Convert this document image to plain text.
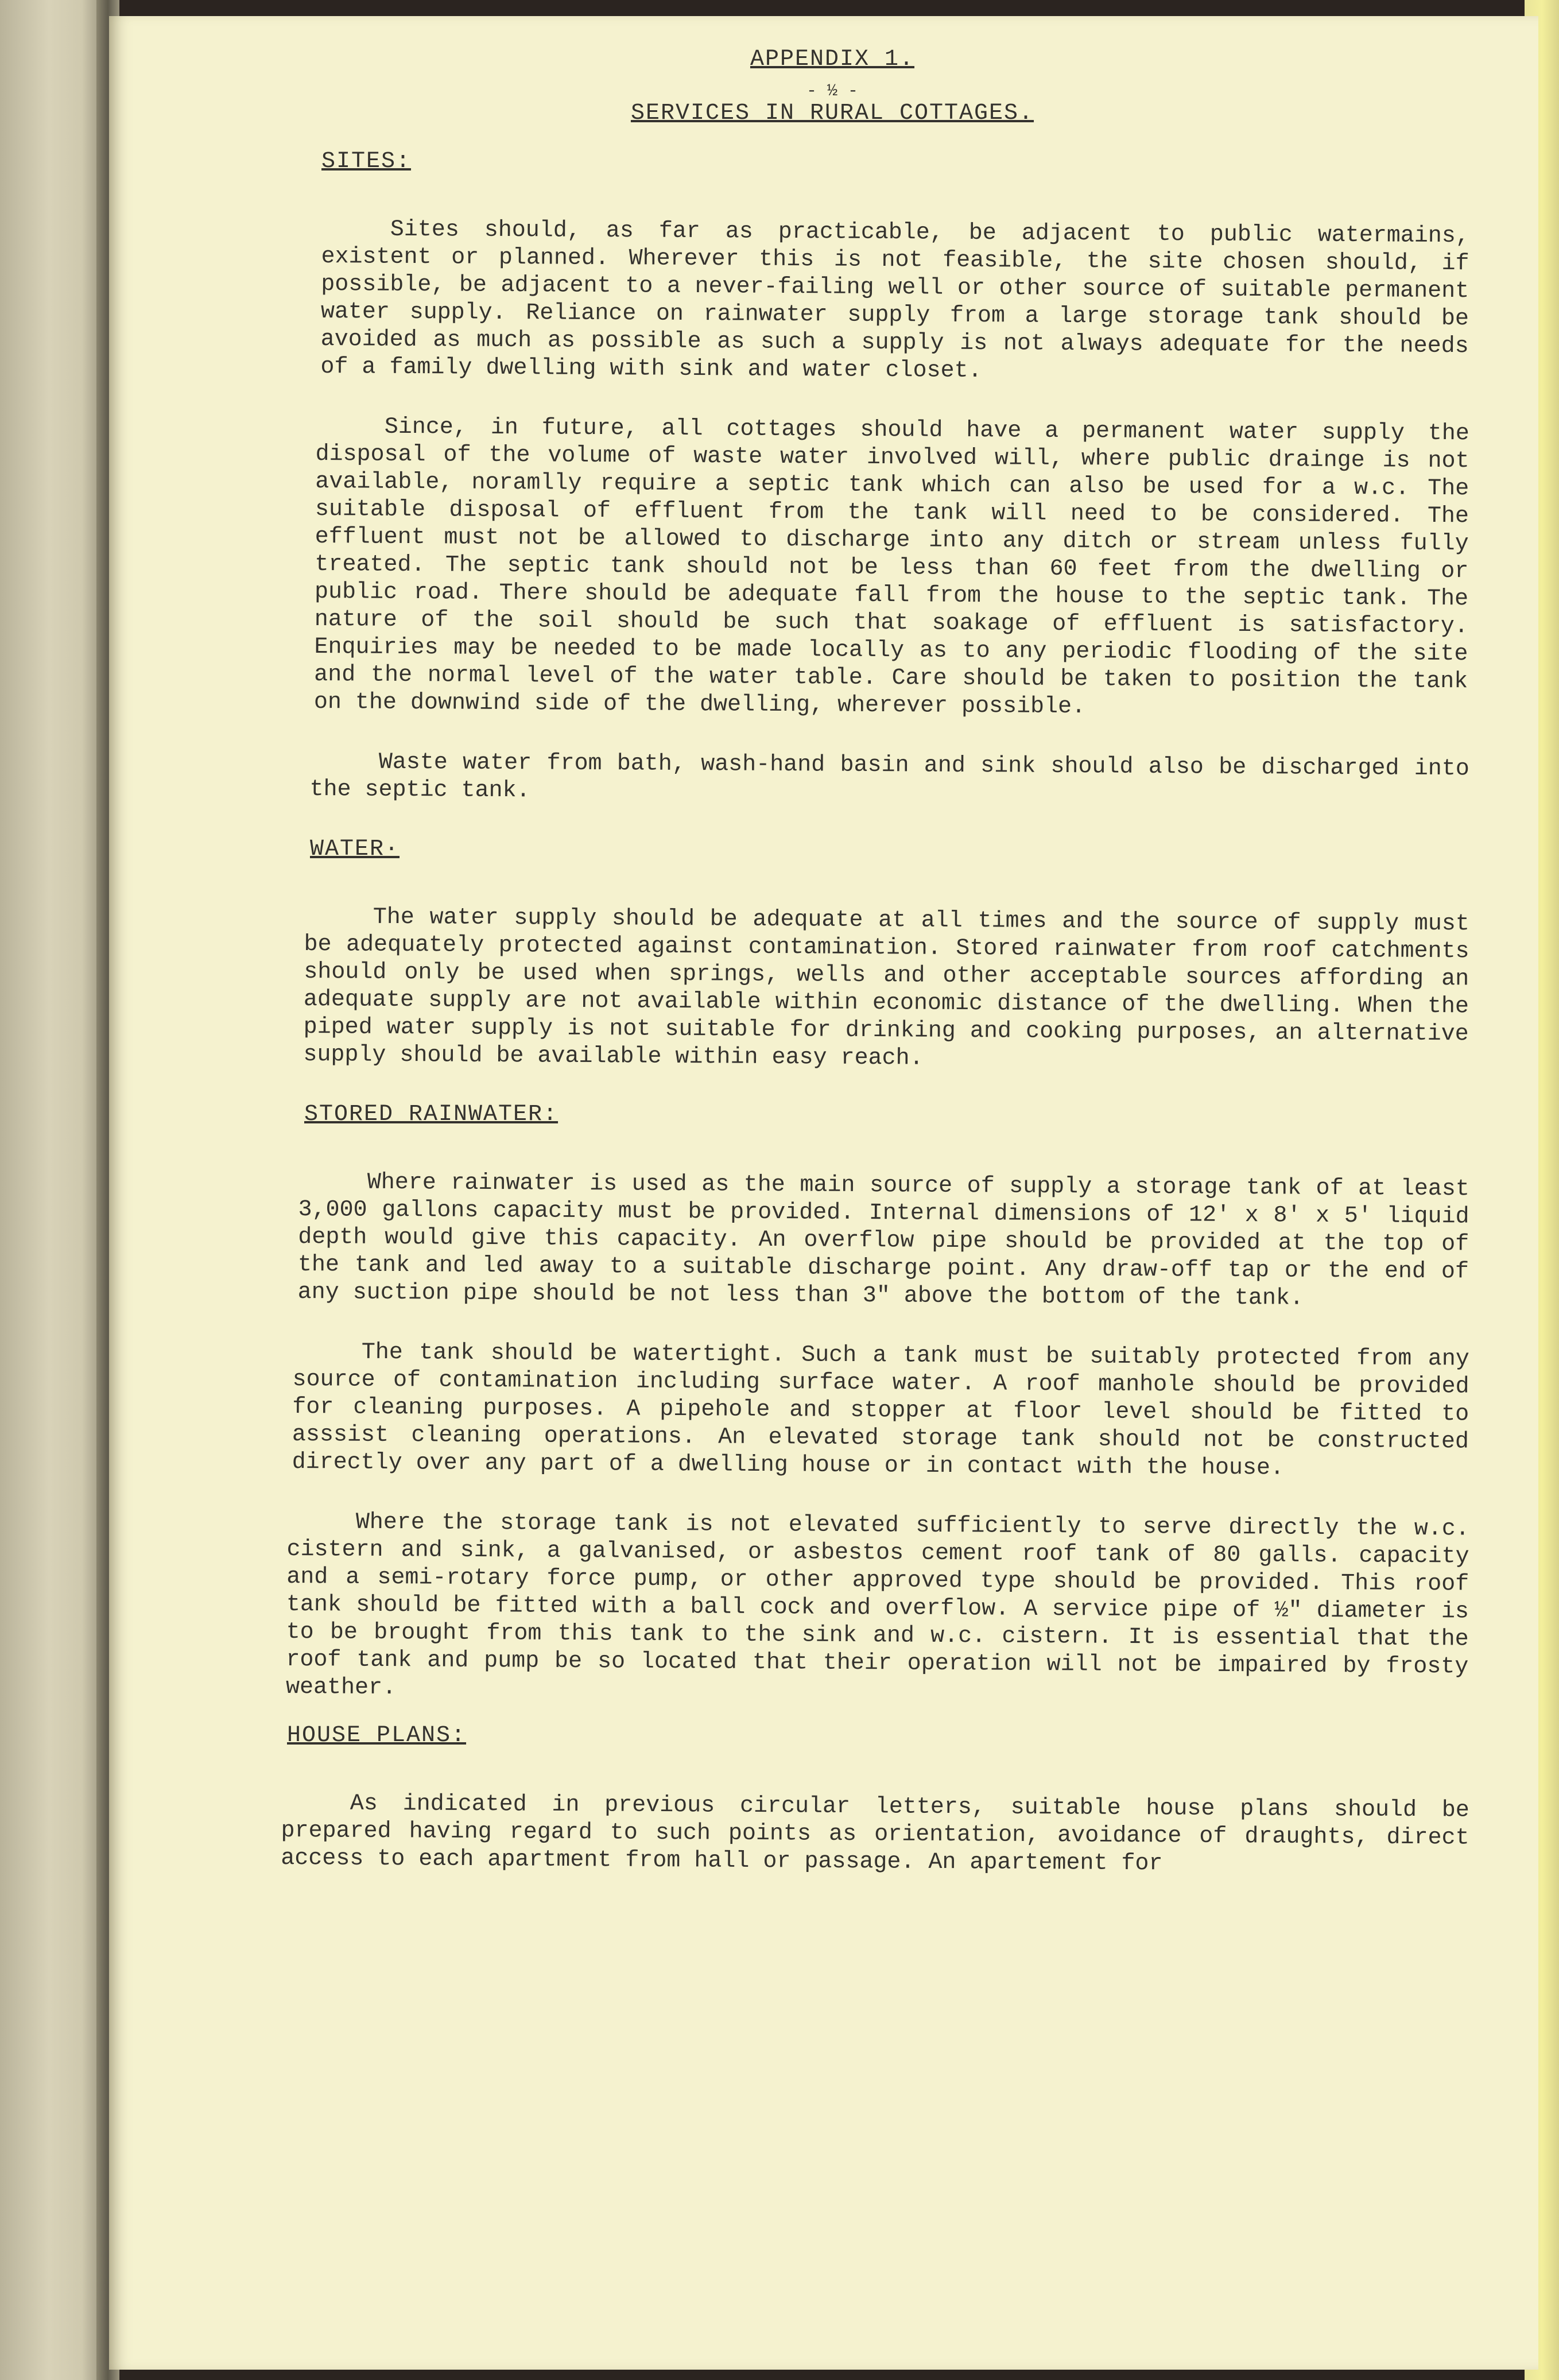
APPENDIX 1.
- ½ -
SERVICES IN RURAL COTTAGES.
SITES:

Sites should, as far as practicable, be adjacent to public watermains, existent or planned. Wherever this is not feasible, the site chosen should, if possible, be adjacent to a never-failing well or other source of suitable permanent water supply. Reliance on rainwater supply from a large storage tank should be avoided as much as possible as such a supply is not always adequate for the needs of a family dwelling with sink and water closet.

Since, in future, all cottages should have a permanent water supply the disposal of the volume of waste water involved will, where public drainge is not available, noramlly require a septic tank which can also be used for a w.c. The suitable disposal of effluent from the tank will need to be considered. The effluent must not be allowed to discharge into any ditch or stream unless fully treated. The septic tank should not be less than 60 feet from the dwelling or public road. There should be adequate fall from the house to the septic tank. The nature of the soil should be such that soakage of effluent is satisfactory. Enquiries may be needed to be made locally as to any periodic flooding of the site and the normal level of the water table. Care should be taken to position the tank on the downwind side of the dwelling, wherever possible.

Waste water from bath, wash-hand basin and sink should also be discharged into the septic tank.

WATER·

The water supply should be adequate at all times and the source of supply must be adequately protected against contamination. Stored rainwater from roof catchments should only be used when springs, wells and other acceptable sources affording an adequate supply are not available within economic distance of the dwelling. When the piped water supply is not suitable for drinking and cooking purposes, an alternative supply should be available within easy reach.

STORED RAINWATER:

Where rainwater is used as the main source of supply a storage tank of at least 3,000 gallons capacity must be provided. Internal dimensions of 12' x 8' x 5' liquid depth would give this capacity. An overflow pipe should be provided at the top of the tank and led away to a suitable discharge point. Any draw-off tap or the end of any suction pipe should be not less than 3" above the bottom of the tank.

The tank should be watertight. Such a tank must be suitably protected from any source of contamination including surface water. A roof manhole should be provided for cleaning purposes. A pipehole and stopper at floor level should be fitted to asssist cleaning operations. An elevated storage tank should not be constructed directly over any part of a dwelling house or in contact with the house.

Where the storage tank is not elevated sufficiently to serve directly the w.c. cistern and sink, a galvanised, or asbestos cement roof tank of 80 galls. capacity and a semi-rotary force pump, or other approved type should be provided. This roof tank should be fitted with a ball cock and overflow. A service pipe of ½" diameter is to be brought from this tank to the sink and w.c. cistern. It is essential that the roof tank and pump be so located that their operation will not be impaired by frosty weather.

HOUSE PLANS:

As indicated in previous circular letters, suitable house plans should be prepared having regard to such points as orientation, avoidance of draughts, direct access to each apartment from hall or passage. An apartement for
